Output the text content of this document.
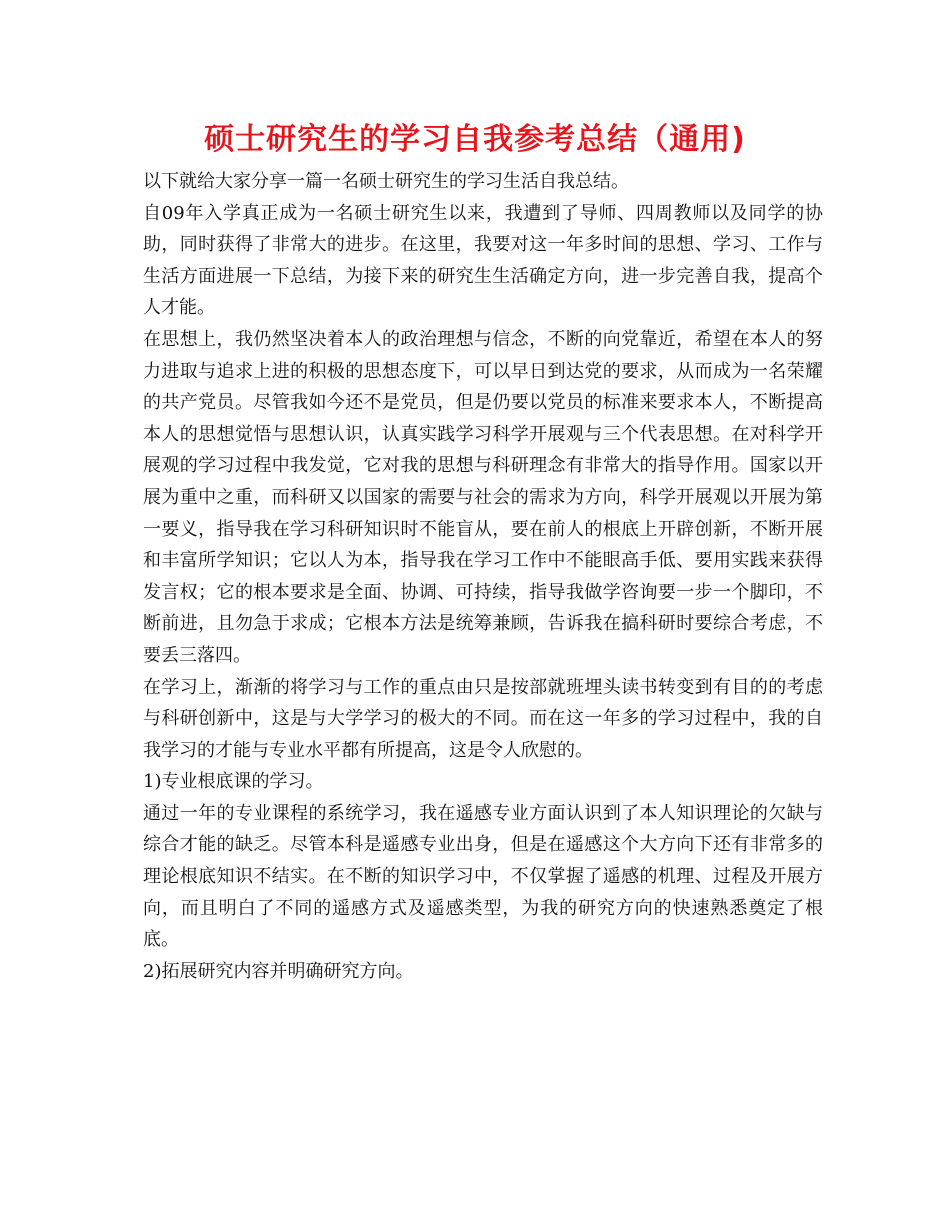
硕士研究生的学习自我参考总结（通用)

以下就给大家分享一篇一名硕士研究生的学习生活自我总结。

自09年入学真正成为一名硕士研究生以来，我遭到了导师、四周教师以及同学的协助，同时获得了非常大的进步。在这里，我要对这一年多时间的思想、学习、工作与生活方面进展一下总结，为接下来的研究生生活确定方向，进一步完善自我，提高个人才能。

在思想上，我仍然坚决着本人的政治理想与信念，不断的向党靠近，希望在本人的努力进取与追求上进的积极的思想态度下，可以早日到达党的要求，从而成为一名荣耀的共产党员。尽管我如今还不是党员，但是仍要以党员的标准来要求本人，不断提高本人的思想觉悟与思想认识，认真实践学习科学开展观与三个代表思想。在对科学开展观的学习过程中我发觉，它对我的思想与科研理念有非常大的指导作用。国家以开展为重中之重，而科研又以国家的需要与社会的需求为方向，科学开展观以开展为第一要义，指导我在学习科研知识时不能盲从，要在前人的根底上开辟创新，不断开展和丰富所学知识；它以人为本，指导我在学习工作中不能眼高手低、要用实践来获得发言权；它的根本要求是全面、协调、可持续，指导我做学咨询要一步一个脚印，不断前进，且勿急于求成；它根本方法是统筹兼顾，告诉我在搞科研时要综合考虑，不要丢三落四。

在学习上，渐渐的将学习与工作的重点由只是按部就班埋头读书转变到有目的的考虑与科研创新中，这是与大学学习的极大的不同。而在这一年多的学习过程中，我的自我学习的才能与专业水平都有所提高，这是令人欣慰的。

1)专业根底课的学习。

通过一年的专业课程的系统学习，我在遥感专业方面认识到了本人知识理论的欠缺与综合才能的缺乏。尽管本科是遥感专业出身，但是在遥感这个大方向下还有非常多的理论根底知识不结实。在不断的知识学习中，不仅掌握了遥感的机理、过程及开展方向，而且明白了不同的遥感方式及遥感类型，为我的研究方向的快速熟悉奠定了根底。

2)拓展研究内容并明确研究方向。
